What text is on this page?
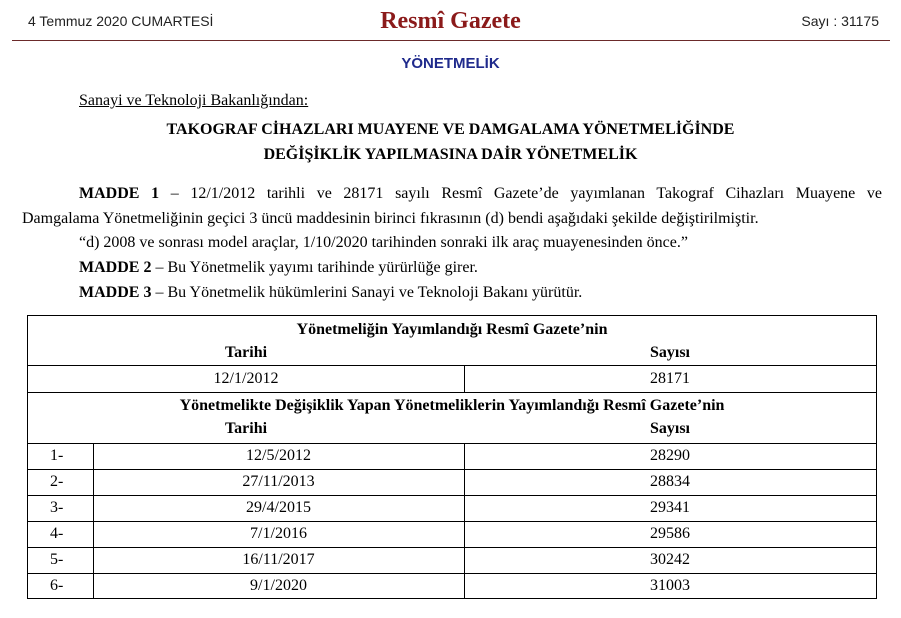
4 Temmuz 2020 CUMARTESİ	Resmî Gazete	Sayı : 31175
YÖNETMELİK
Sanayi ve Teknoloji Bakanlığından:
TAKOGRAF CİHAZLARI MUAYENE VE DAMGALAMA YÖNETMELİĞİNDE
DEĞİŞİKLİK YAPILMASINA DAİR YÖNETMELİK
MADDE 1 – 12/1/2012 tarihli ve 28171 sayılı Resmî Gazete’de yayımlanan Takograf Cihazları Muayene ve
Damgalama Yönetmeliğinin geçici 3 üncü maddesinin birinci fıkrasının (d) bendi aşağıdaki şekilde değiştirilmiştir.
“d) 2008 ve sonrası model araçlar, 1/10/2020 tarihinden sonraki ilk araç muayenesinden önce.”
MADDE 2 – Bu Yönetmelik yayımı tarihinde yürürlüğe girer.
MADDE 3 – Bu Yönetmelik hükümlerini Sanayi ve Teknoloji Bakanı yürütür.
Yönetmeliğin Yayımlandığı Resmî Gazete’nin
Tarihi	Sayısı
12/1/2012	28171
Yönetmelikte Değişiklik Yapan Yönetmeliklerin Yayımlandığı Resmî Gazete’nin
Tarihi	Sayısı
1-	12/5/2012	28290
2-	27/11/2013	28834
3-	29/4/2015	29341
4-	7/1/2016	29586
5-	16/11/2017	30242
6-	9/1/2020	31003
